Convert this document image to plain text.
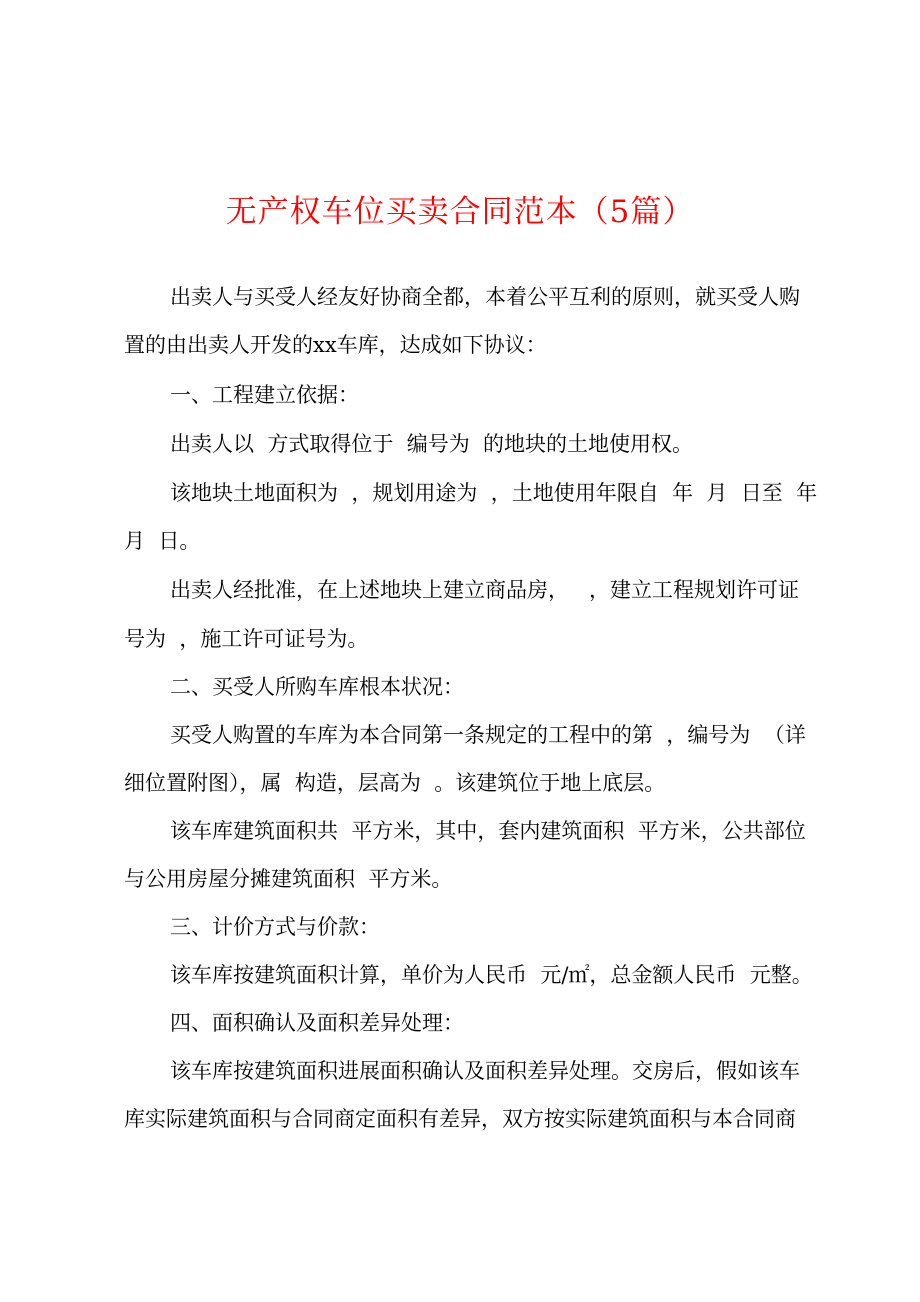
无产权车位买卖合同范本（5篇）

出卖人与买受人经友好协商全都，本着公平互利的原则，就买受人购

置的由出卖人开发的xx车库，达成如下协议：

一、工程建立依据：

出卖人以  方式取得位于  编号为  的地块的土地使用权。

该地块土地面积为  ，规划用途为  ，土地使用年限自  年  月  日至  年

月  日。

出卖人经批准，在上述地块上建立商品房，   ，建立工程规划许可证

号为  ，施工许可证号为。

二、买受人所购车库根本状况：

买受人购置的车库为本合同第一条规定的工程中的第  ，编号为  （详

细位置附图），属  构造，层高为  。该建筑位于地上底层。

该车库建筑面积共  平方米，其中，套内建筑面积  平方米，公共部位

与公用房屋分摊建筑面积  平方米。

三、计价方式与价款：

该车库按建筑面积计算，单价为人民币  元/㎡，总金额人民币  元整。

四、面积确认及面积差异处理：

该车库按建筑面积进展面积确认及面积差异处理。交房后，假如该车

库实际建筑面积与合同商定面积有差异，双方按实际建筑面积与本合同商
